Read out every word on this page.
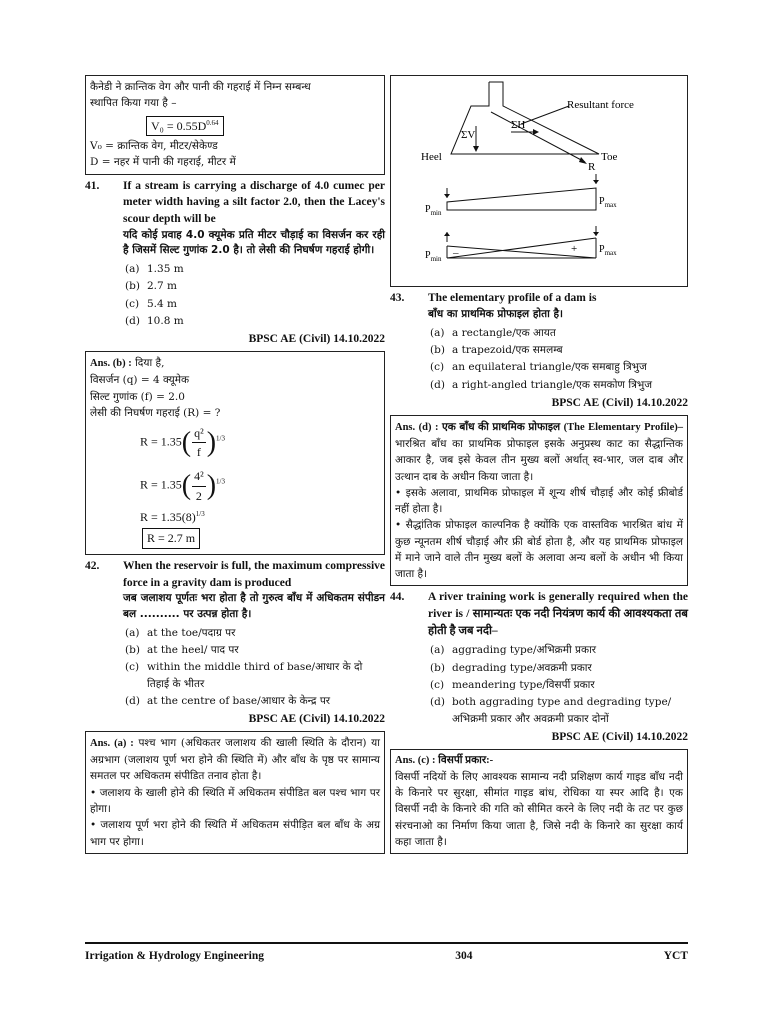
कैनेडी ने क्रान्तिक वेग और पानी की गहराई में निम्न सम्बन्ध
स्थापित किया गया है –
$V_0 = 0.55D^{0.64}$
V₀ = क्रान्तिक वेग, मीटर/सेकेण्ड
D = नहर में पानी की गहराई, मीटर में
41.	If a stream is carrying a discharge of 4.0 cumec per meter width having a silt factor 2.0, then the Lacey's scour depth will be
यदि कोई प्रवाह 4.0 क्यूमेक प्रति मीटर चौड़ाई का विसर्जन कर रही है जिसमें सिल्ट गुणांक 2.0 है। तो लेसी की निघर्षण गहराई होगी।
(a) 1.35 m
(b) 2.7 m
(c) 5.4 m
(d) 10.8 m
BPSC AE (Civil) 14.10.2022
Ans. (b) : दिया है,
विसर्जन (q) = 4 क्यूमेक
सिल्ट गुणांक (f) = 2.0
लेसी की निघर्षण गहराई (R) = ?
$R = 1.35( \frac{\text{q²}}{f} )^{1/3}$
$R = 1.35( \frac{\text{4²}}{2} )^{1/3}$
$R = 1.35(8)^{1/3}$
R = 2.7 m
42.	When the reservoir is full, the maximum compressive force in a gravity dam is produced
जब जलाशय पूर्णतः भरा होता है तो गुरुत्व बाँध में अधिकतम संपीडन बल .......... पर उत्पन्न होता है।
(a) at the toe/पदाग्र पर
(b) at the heel/ पाद पर
(c) within the middle third of base/आधार के दो तिहाई के भीतर
(d) at the centre of base/आधार के केन्द्र पर
BPSC AE (Civil) 14.10.2022
Ans. (a) : पश्च भाग (अधिकतर जलाशय की खाली स्थिति के दौरान) या अग्रभाग (जलाशय पूर्ण भरा होने की स्थिति में) और बाँध के पृष्ठ पर सामान्य समतल पर अधिकतम संपीडित तनाव होता है।
• जलाशय के खाली होने की स्थिति में अधिकतम संपीडित बल पश्च भाग पर होगा।
• जलाशय पूर्ण भरा होने की स्थिति में अधिकतम संपीड़ित बल बाँध के अग्र भाग पर होगा।
Resultant force
Heel	Toe
ΣV
ΣH
R
$P_{min}$
$P_{max}$
$P_{min}$
$P_{max}$
+
–
43.	The elementary profile of a dam is
बाँध का प्राथमिक प्रोफाइल होता है।
(a) a rectangle/एक आयत
(b) a trapezoid/एक समलम्ब
(c) an equilateral triangle/एक समबाहु त्रिभुज
(d) a right-angled triangle/एक समकोण त्रिभुज
BPSC AE (Civil) 14.10.2022
Ans. (d) : एक बाँध की प्राथमिक प्रोफाइल (The Elementary Profile)– भारश्रित बाँध का प्राथमिक प्रोफाइल इसके अनुप्रस्थ काट का सैद्धान्तिक आकार है, जब इसे केवल तीन मुख्य बलों अर्थात् स्व-भार, जल दाब और उत्थान दाब के अधीन किया जाता है।
• इसके अलावा, प्राथमिक प्रोफाइल में शून्य शीर्ष चौड़ाई और कोई फ्रीबोर्ड नहीं होता है।
• सैद्धांतिक प्रोफाइल काल्पनिक है क्योंकि एक वास्तविक भारश्रित बांध में कुछ न्यूनतम शीर्ष चौड़ाई और फ्री बोर्ड होता है, और यह प्राथमिक प्रोफाइल में माने जाने वाले तीन मुख्य बलों के अलावा अन्य बलों के अधीन भी किया जाता है।
44.	A river training work is generally required when the river is / सामान्यतः एक नदी नियंत्रण कार्य की आवश्यकता तब होती है जब नदी–
(a) aggrading type/अभिक्रमी प्रकार
(b) degrading type/अवक्रमी प्रकार
(c) meandering type/विसर्पी प्रकार
(d) both aggrading type and degrading type/अभिक्रमी प्रकार और अवक्रमी प्रकार दोनों
BPSC AE (Civil) 14.10.2022
Ans. (c) : विसर्पी प्रकार:-
विसर्पी नदियों के लिए आवश्यक सामान्य नदी प्रशिक्षण कार्य गाइड बाँध नदी के किनारे पर सुरक्षा, सीमांत गाइड बांध, रोधिका या स्पर आदि है। एक विसर्पी नदी के किनारे की गति को सीमित करने के लिए नदी के तट पर कुछ संरचनाओ का निर्माण किया जाता है, जिसे नदी के किनारे का सुरक्षा कार्य कहा जाता है।
Irrigation & Hydrology Engineering	304	YCT
